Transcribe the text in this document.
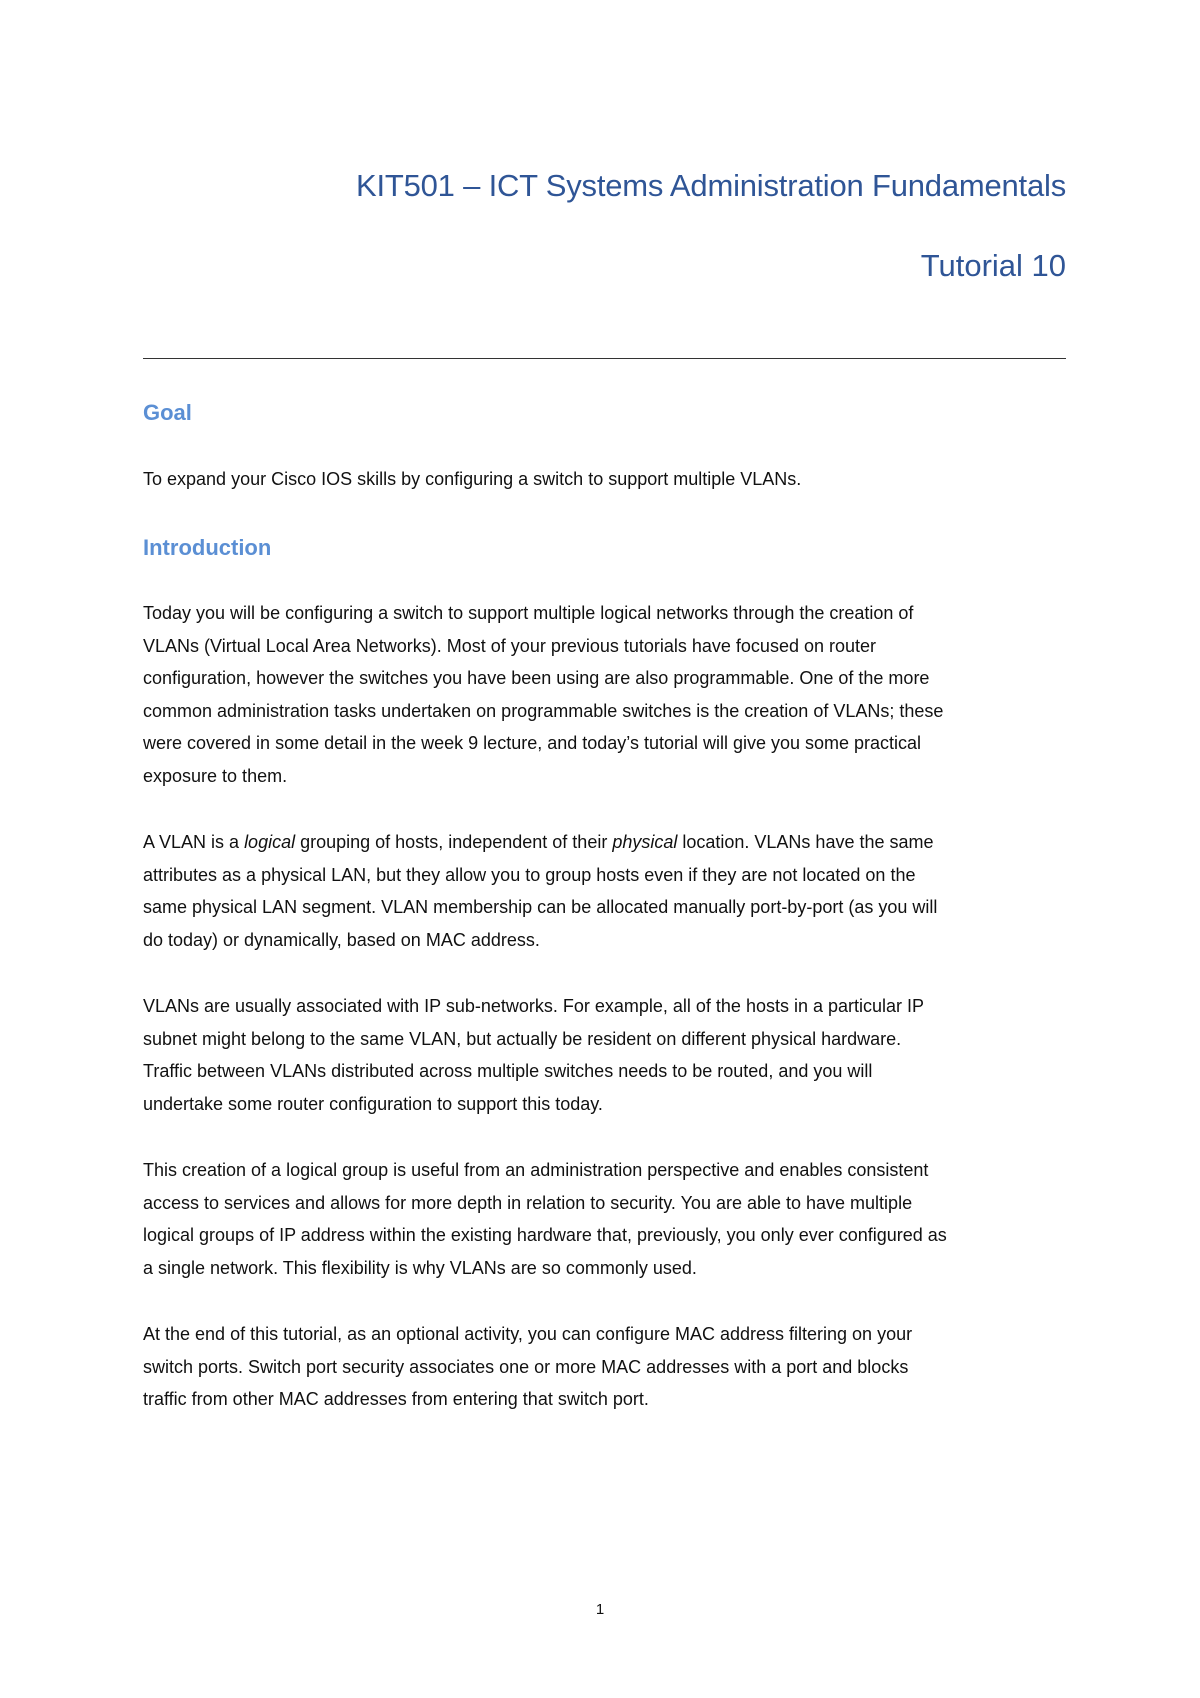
KIT501 – ICT Systems Administration Fundamentals
Tutorial 10
Goal
To expand your Cisco IOS skills by configuring a switch to support multiple VLANs.
Introduction
Today you will be configuring a switch to support multiple logical networks through the creation of
VLANs (Virtual Local Area Networks). Most of your previous tutorials have focused on router
configuration, however the switches you have been using are also programmable. One of the more
common administration tasks undertaken on programmable switches is the creation of VLANs; these
were covered in some detail in the week 9 lecture, and today’s tutorial will give you some practical
exposure to them.
A VLAN is a logical grouping of hosts, independent of their physical location. VLANs have the same
attributes as a physical LAN, but they allow you to group hosts even if they are not located on the
same physical LAN segment. VLAN membership can be allocated manually port-by-port (as you will
do today) or dynamically, based on MAC address.
VLANs are usually associated with IP sub-networks. For example, all of the hosts in a particular IP
subnet might belong to the same VLAN, but actually be resident on different physical hardware.
Traffic between VLANs distributed across multiple switches needs to be routed, and you will
undertake some router configuration to support this today.
This creation of a logical group is useful from an administration perspective and enables consistent
access to services and allows for more depth in relation to security. You are able to have multiple
logical groups of IP address within the existing hardware that, previously, you only ever configured as
a single network. This flexibility is why VLANs are so commonly used.
At the end of this tutorial, as an optional activity, you can configure MAC address filtering on your
switch ports. Switch port security associates one or more MAC addresses with a port and blocks
traffic from other MAC addresses from entering that switch port.
1
